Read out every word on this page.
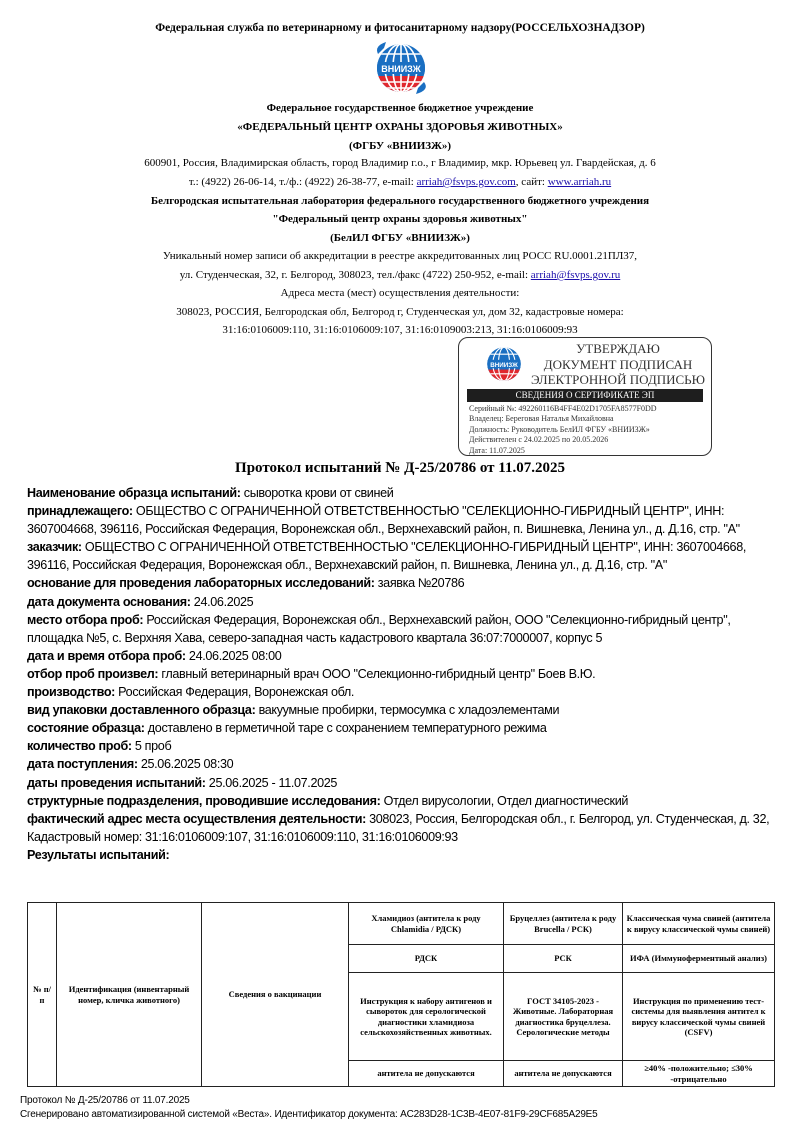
Федеральная служба по ветеринарному и фитосанитарному надзору(РОССЕЛЬХОЗНАДЗОР)
ВНИИЗЖ
Федеральное государственное бюджетное учреждение
«ФЕДЕРАЛЬНЫЙ ЦЕНТР ОХРАНЫ ЗДОРОВЬЯ ЖИВОТНЫХ»
(ФГБУ «ВНИИЗЖ»)
600901, Россия, Владимирская область, город Владимир г.о., г Владимир, мкр. Юрьевец ул. Гвардейская, д. 6
т.: (4922) 26-06-14, т./ф.: (4922) 26-38-77, e-mail: arriah@fsvps.gov.com, сайт: www.arriah.ru
Белгородская испытательная лаборатория федерального государственного бюджетного учреждения
"Федеральный центр охраны здоровья животных"
(БелИЛ ФГБУ «ВНИИЗЖ»)
Уникальный номер записи об аккредитации в реестре аккредитованных лиц РОСС RU.0001.21ПЛ37,
ул. Студенческая, 32, г. Белгород, 308023, тел./факс (4722) 250-952, e-mail: arriah@fsvps.gov.ru
Адреса места (мест) осуществления деятельности:
308023, РОССИЯ, Белгородская обл, Белгород г, Студенческая ул, дом 32, кадастровые номера:
31:16:0106009:110, 31:16:0106009:107, 31:16:0109003:213, 31:16:0106009:93
ВНИИЗЖ
УТВЕРЖДАЮ
ДОКУМЕНТ ПОДПИСАН
ЭЛЕКТРОННОЙ ПОДПИСЬЮ
СВЕДЕНИЯ О СЕРТИФИКАТЕ ЭП
Серийный №: 492260116B4FF4E02D1705FA8577F0DD
Владелец: Береговая Наталья Михайловна
Должность: Руководитель БелИЛ ФГБУ «ВНИИЗЖ»
Действителен с 24.02.2025 по 20.05.2026
Дата: 11.07.2025
Протокол испытаний № Д-25/20786 от 11.07.2025

Наименование образца испытаний: сыворотка крови от свиней

принадлежащего: ОБЩЕСТВО С ОГРАНИЧЕННОЙ ОТВЕТСТВЕННОСТЬЮ "СЕЛЕКЦИОННО-ГИБРИДНЫЙ ЦЕНТР", ИНН: 3607004668, 396116, Российская Федерация, Воронежская обл., Верхнехавский район, п. Вишневка, Ленина ул., д. Д.16, стр. "А"

заказчик: ОБЩЕСТВО С ОГРАНИЧЕННОЙ ОТВЕТСТВЕННОСТЬЮ "СЕЛЕКЦИОННО-ГИБРИДНЫЙ ЦЕНТР", ИНН: 3607004668, 396116, Российская Федерация, Воронежская обл., Верхнехавский район, п. Вишневка, Ленина ул., д. Д.16, стр. "А"

основание для проведения лабораторных исследований: заявка №20786

дата документа основания: 24.06.2025

место отбора проб: Российская Федерация, Воронежская обл., Верхнехавский район, ООО "Селекционно-гибридный центр", площадка №5, с. Верхняя Хава, северо-западная часть кадастрового квартала 36:07:7000007, корпус 5

дата и время отбора проб: 24.06.2025 08:00

отбор проб произвел: главный ветеринарный врач ООО "Селекционно-гибридный центр" Боев В.Ю.

производство: Российская Федерация, Воронежская обл.

вид упаковки доставленного образца: вакуумные пробирки, термосумка с хладоэлементами

состояние образца: доставлено в герметичной таре с сохранением температурного режима

количество проб: 5 проб

дата поступления: 25.06.2025 08:30

даты проведения испытаний: 25.06.2025 - 11.07.2025

структурные подразделения, проводившие исследования: Отдел вирусологии, Отдел диагностический

фактический адрес места осуществления деятельности: 308023, Россия, Белгородская обл., г. Белгород, ул. Студенческая, д. 32, Кадастровый номер: 31:16:0106009:107, 31:16:0106009:110, 31:16:0106009:93

Результаты испытаний:

№ п/п	Идентификация (инвентарный номер, кличка животного)	Сведения о вакцинации	Хламидиоз (антитела к роду Chlamidia / РДСК)	Бруцеллез (антитела к роду Brucella / РСК)	Классическая чума свиней (антитела к вирусу классической чумы свиней)
			РДСК	РСК	ИФА (Иммуноферментный анализ)
			Инструкция к набору антигенов и сывороток для серологической диагностики хламидиоза сельскохозяйственных животных.	ГОСТ 34105-2023 - Животные. Лабораторная диагностика бруцеллеза. Серологические методы	Инструкция по применению тест-системы для выявления антител к вирусу классической чумы свиней (CSFV)
			антитела не допускаются	антитела не допускаются	≥40% -положительно; ≤30% -отрицательно
Протокол № Д-25/20786 от 11.07.2025
Сгенерировано автоматизированной системой «Веста». Идентификатор документа: AC283D28-1C3B-4E07-81F9-29CF685A29E5
